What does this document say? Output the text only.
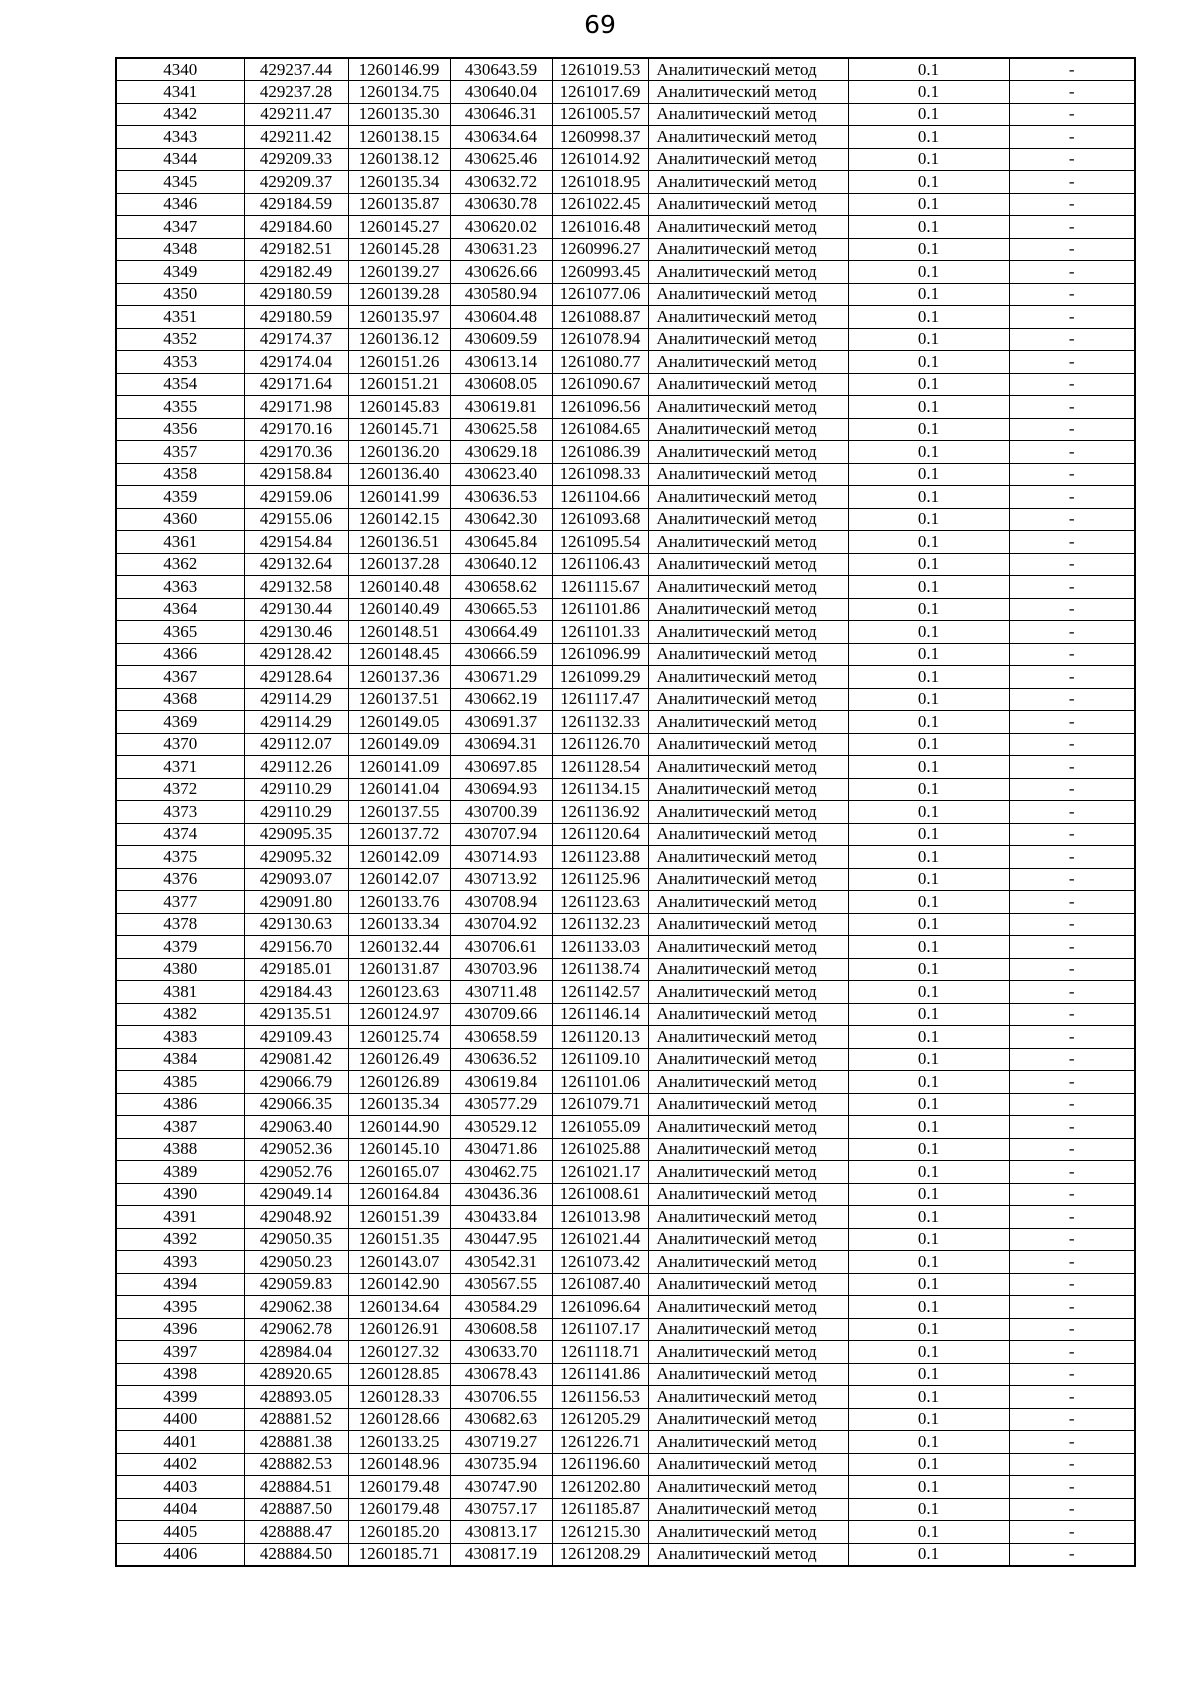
69
4340	429237.44	1260146.99	430643.59	1261019.53	Аналитический метод	0.1	-
4341	429237.28	1260134.75	430640.04	1261017.69	Аналитический метод	0.1	-
4342	429211.47	1260135.30	430646.31	1261005.57	Аналитический метод	0.1	-
4343	429211.42	1260138.15	430634.64	1260998.37	Аналитический метод	0.1	-
4344	429209.33	1260138.12	430625.46	1261014.92	Аналитический метод	0.1	-
4345	429209.37	1260135.34	430632.72	1261018.95	Аналитический метод	0.1	-
4346	429184.59	1260135.87	430630.78	1261022.45	Аналитический метод	0.1	-
4347	429184.60	1260145.27	430620.02	1261016.48	Аналитический метод	0.1	-
4348	429182.51	1260145.28	430631.23	1260996.27	Аналитический метод	0.1	-
4349	429182.49	1260139.27	430626.66	1260993.45	Аналитический метод	0.1	-
4350	429180.59	1260139.28	430580.94	1261077.06	Аналитический метод	0.1	-
4351	429180.59	1260135.97	430604.48	1261088.87	Аналитический метод	0.1	-
4352	429174.37	1260136.12	430609.59	1261078.94	Аналитический метод	0.1	-
4353	429174.04	1260151.26	430613.14	1261080.77	Аналитический метод	0.1	-
4354	429171.64	1260151.21	430608.05	1261090.67	Аналитический метод	0.1	-
4355	429171.98	1260145.83	430619.81	1261096.56	Аналитический метод	0.1	-
4356	429170.16	1260145.71	430625.58	1261084.65	Аналитический метод	0.1	-
4357	429170.36	1260136.20	430629.18	1261086.39	Аналитический метод	0.1	-
4358	429158.84	1260136.40	430623.40	1261098.33	Аналитический метод	0.1	-
4359	429159.06	1260141.99	430636.53	1261104.66	Аналитический метод	0.1	-
4360	429155.06	1260142.15	430642.30	1261093.68	Аналитический метод	0.1	-
4361	429154.84	1260136.51	430645.84	1261095.54	Аналитический метод	0.1	-
4362	429132.64	1260137.28	430640.12	1261106.43	Аналитический метод	0.1	-
4363	429132.58	1260140.48	430658.62	1261115.67	Аналитический метод	0.1	-
4364	429130.44	1260140.49	430665.53	1261101.86	Аналитический метод	0.1	-
4365	429130.46	1260148.51	430664.49	1261101.33	Аналитический метод	0.1	-
4366	429128.42	1260148.45	430666.59	1261096.99	Аналитический метод	0.1	-
4367	429128.64	1260137.36	430671.29	1261099.29	Аналитический метод	0.1	-
4368	429114.29	1260137.51	430662.19	1261117.47	Аналитический метод	0.1	-
4369	429114.29	1260149.05	430691.37	1261132.33	Аналитический метод	0.1	-
4370	429112.07	1260149.09	430694.31	1261126.70	Аналитический метод	0.1	-
4371	429112.26	1260141.09	430697.85	1261128.54	Аналитический метод	0.1	-
4372	429110.29	1260141.04	430694.93	1261134.15	Аналитический метод	0.1	-
4373	429110.29	1260137.55	430700.39	1261136.92	Аналитический метод	0.1	-
4374	429095.35	1260137.72	430707.94	1261120.64	Аналитический метод	0.1	-
4375	429095.32	1260142.09	430714.93	1261123.88	Аналитический метод	0.1	-
4376	429093.07	1260142.07	430713.92	1261125.96	Аналитический метод	0.1	-
4377	429091.80	1260133.76	430708.94	1261123.63	Аналитический метод	0.1	-
4378	429130.63	1260133.34	430704.92	1261132.23	Аналитический метод	0.1	-
4379	429156.70	1260132.44	430706.61	1261133.03	Аналитический метод	0.1	-
4380	429185.01	1260131.87	430703.96	1261138.74	Аналитический метод	0.1	-
4381	429184.43	1260123.63	430711.48	1261142.57	Аналитический метод	0.1	-
4382	429135.51	1260124.97	430709.66	1261146.14	Аналитический метод	0.1	-
4383	429109.43	1260125.74	430658.59	1261120.13	Аналитический метод	0.1	-
4384	429081.42	1260126.49	430636.52	1261109.10	Аналитический метод	0.1	-
4385	429066.79	1260126.89	430619.84	1261101.06	Аналитический метод	0.1	-
4386	429066.35	1260135.34	430577.29	1261079.71	Аналитический метод	0.1	-
4387	429063.40	1260144.90	430529.12	1261055.09	Аналитический метод	0.1	-
4388	429052.36	1260145.10	430471.86	1261025.88	Аналитический метод	0.1	-
4389	429052.76	1260165.07	430462.75	1261021.17	Аналитический метод	0.1	-
4390	429049.14	1260164.84	430436.36	1261008.61	Аналитический метод	0.1	-
4391	429048.92	1260151.39	430433.84	1261013.98	Аналитический метод	0.1	-
4392	429050.35	1260151.35	430447.95	1261021.44	Аналитический метод	0.1	-
4393	429050.23	1260143.07	430542.31	1261073.42	Аналитический метод	0.1	-
4394	429059.83	1260142.90	430567.55	1261087.40	Аналитический метод	0.1	-
4395	429062.38	1260134.64	430584.29	1261096.64	Аналитический метод	0.1	-
4396	429062.78	1260126.91	430608.58	1261107.17	Аналитический метод	0.1	-
4397	428984.04	1260127.32	430633.70	1261118.71	Аналитический метод	0.1	-
4398	428920.65	1260128.85	430678.43	1261141.86	Аналитический метод	0.1	-
4399	428893.05	1260128.33	430706.55	1261156.53	Аналитический метод	0.1	-
4400	428881.52	1260128.66	430682.63	1261205.29	Аналитический метод	0.1	-
4401	428881.38	1260133.25	430719.27	1261226.71	Аналитический метод	0.1	-
4402	428882.53	1260148.96	430735.94	1261196.60	Аналитический метод	0.1	-
4403	428884.51	1260179.48	430747.90	1261202.80	Аналитический метод	0.1	-
4404	428887.50	1260179.48	430757.17	1261185.87	Аналитический метод	0.1	-
4405	428888.47	1260185.20	430813.17	1261215.30	Аналитический метод	0.1	-
4406	428884.50	1260185.71	430817.19	1261208.29	Аналитический метод	0.1	-
